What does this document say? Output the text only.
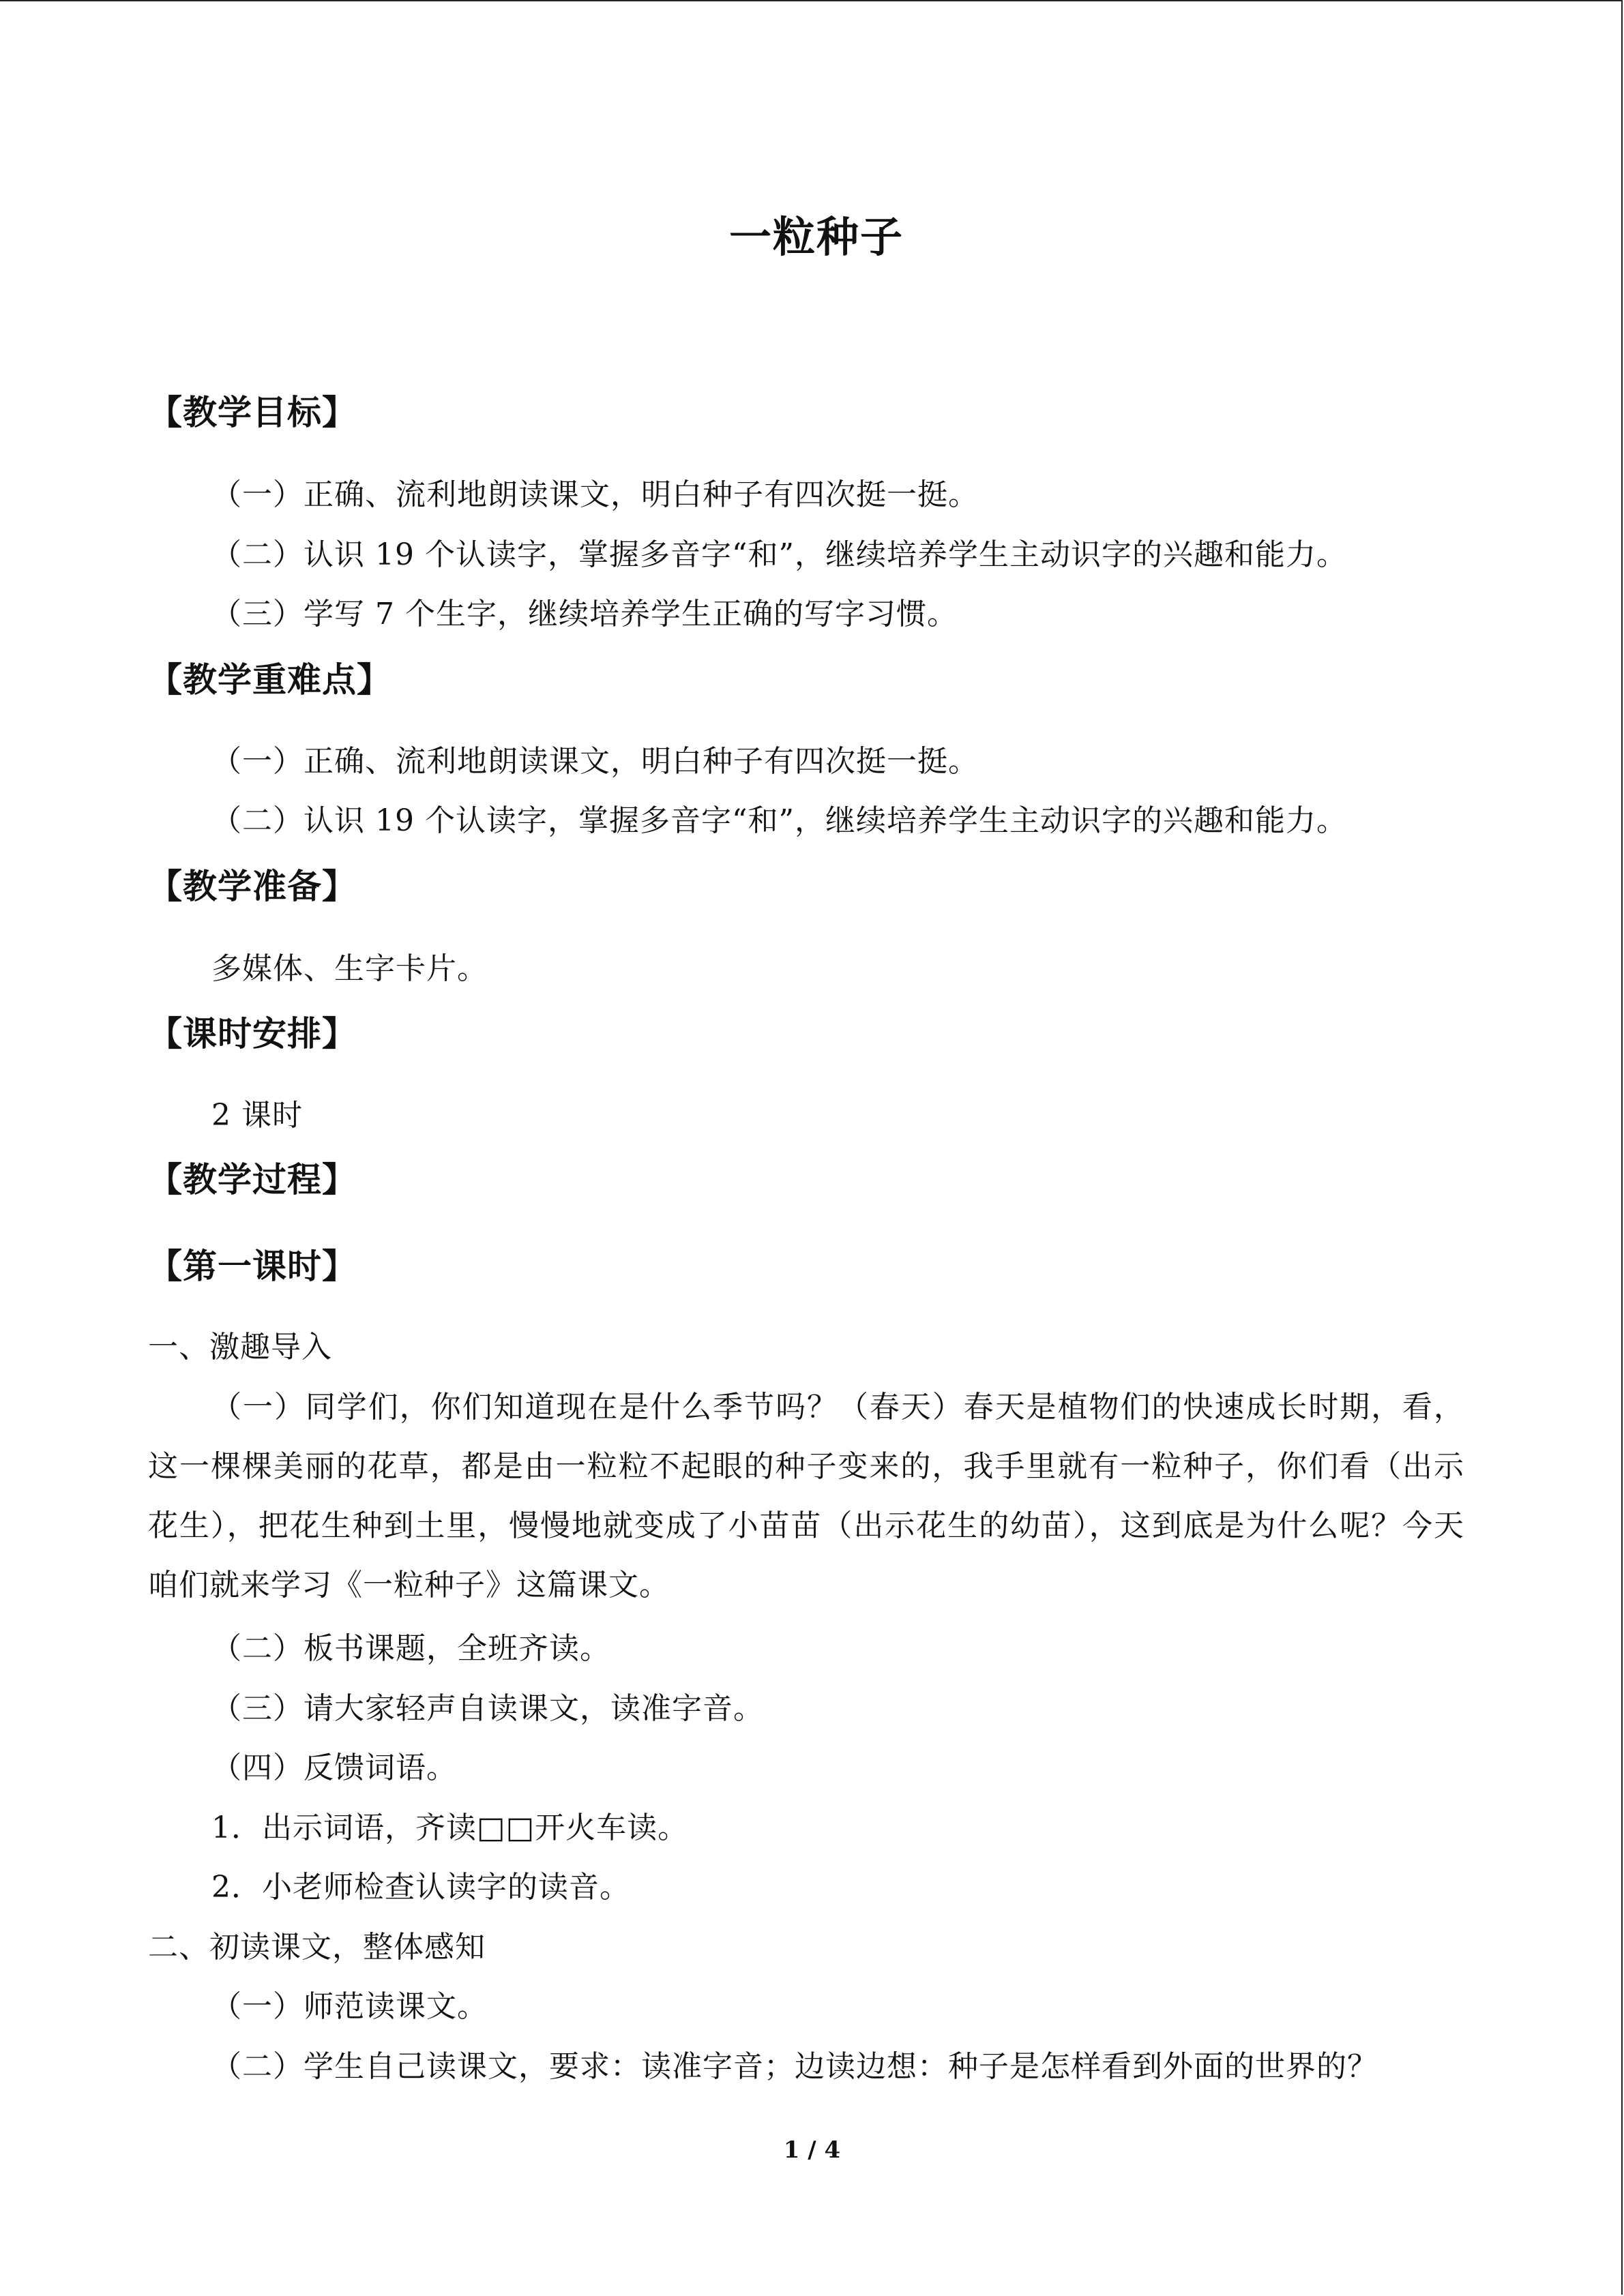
一粒种子
【教学目标】
（一）正确、流利地朗读课文，明白种子有四次挺一挺。
（二）认识 19 个认读字，掌握多音字“和”，继续培养学生主动识字的兴趣和能力。
（三）学写 7 个生字，继续培养学生正确的写字习惯。
【教学重难点】
（一）正确、流利地朗读课文，明白种子有四次挺一挺。
（二）认识 19 个认读字，掌握多音字“和”，继续培养学生主动识字的兴趣和能力。
【教学准备】
多媒体、生字卡片。
【课时安排】
2 课时
【教学过程】
【第一课时】
一、激趣导入
（一）同学们，你们知道现在是什么季节吗？（春天）春天是植物们的快速成长时期，看，这一棵棵美丽的花草，都是由一粒粒不起眼的种子变来的，我手里就有一粒种子，你们看（出示花生），把花生种到土里，慢慢地就变成了小苗苗（出示花生的幼苗），这到底是为什么呢？今天咱们就来学习《一粒种子》这篇课文。
（二）板书课题，全班齐读。
（三）请大家轻声自读课文，读准字音。
（四）反馈词语。
1．出示词语，齐读□□开火车读。
2．小老师检查认读字的读音。
二、初读课文，整体感知
（一）师范读课文。
（二）学生自己读课文，要求：读准字音；边读边想：种子是怎样看到外面的世界的？
1 / 4
